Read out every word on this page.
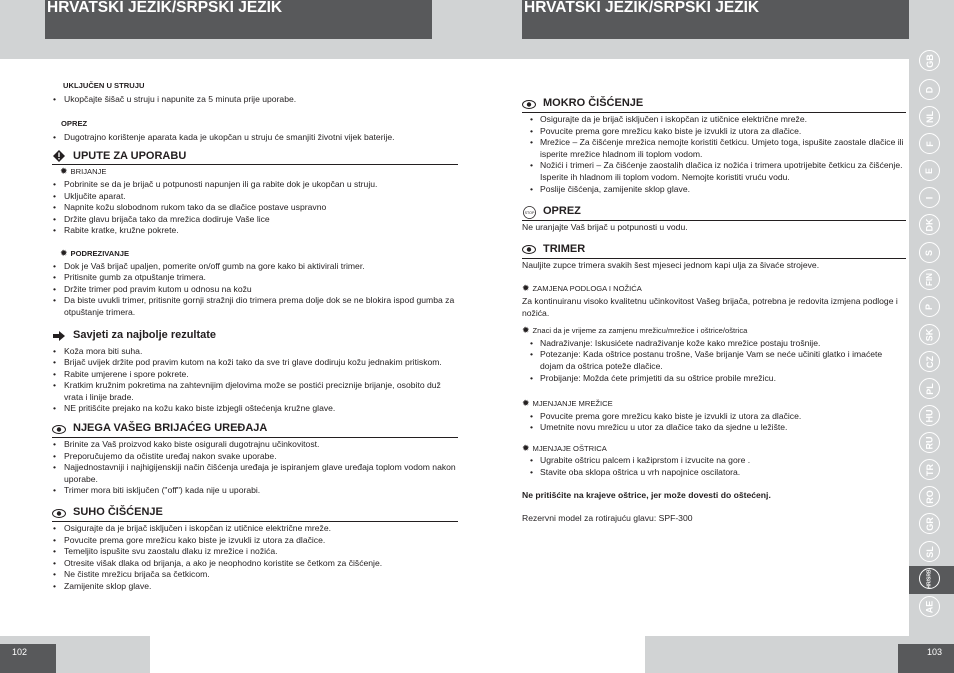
HRVATSKI JEZIK/SRPSKI JEZIK	HRVATSKI JEZIK/SRPSKI JEZIK
102	103
GB
D
NL
F
E
I
DK
S
FIN
P
SK
CZ
PL
HU
RU
TR
RO
GR
SL
HR/SRB
AE
UKLJUČEN U STRUJU
• Ukopčajte šišač u struju i napunite za 5 minuta prije uporabe.
OPREZ
• Dugotrajno korištenje aparata kada je ukopčan u struju će smanjiti životni vijek baterije.
UPUTE ZA UPORABU
✹ BRIJANJE
• Pobrinite se da je brijač u potpunosti napunjen ili ga rabite dok je ukopčan u struju.
• Uključite aparat.
• Napnite kožu slobodnom rukom tako da se dlačice postave uspravno
• Držite glavu brijača tako da mrežica dodiruje Vaše lice
• Rabite kratke, kružne pokrete.
✹ PODREZIVANJE
• Dok je Vaš brijač upaljen, pomerite on/off gumb na gore kako bi aktivirali trimer.
• Pritisnite gumb za otpuštanje trimera.
• Držite trimer pod pravim kutom u odnosu na kožu
• Da biste uvukli trimer, pritisnite gornji stražnji dio trimera prema dolje dok se ne blokira ispod gumba za otpuštanje trimera.
Savjeti za najbolje rezultate
• Koža mora biti suha.
• Brijač uvijek držite pod pravim kutom na koži tako da sve tri glave dodiruju kožu jednakim pritiskom.
• Rabite umjerene i spore pokrete.
• Kratkim kružnim pokretima na zahtevnijim djelovima može se postići preciznije brijanje, osobito duž vrata i linije brade.
• NE pritišćite prejako na kožu kako biste izbjegli oštećenja kružne glave.
NJEGA VAŠEG BRIJAĆEG UREĐAJA
• Brinite za Vaš proizvod kako biste osigurali dugotrajnu učinkovitost.
• Preporučujemo da očistite uređaj nakon svake uporabe.
• Najjednostavniji i najhigijenskiji način čišćenja uređaja je ispiranjem glave uređaja toplom vodom nakon uporabe.
• Trimer mora biti isključen ("off") kada nije u uporabi.
SUHO ČIŠĆENJE
• Osigurajte da je brijač isključen i iskopčan iz utičnice električne mreže.
• Povucite prema gore mrežicu kako biste je izvukli iz utora za dlačice.
• Temeljito ispušite svu zaostalu dlaku iz mrežice i nožića.
• Otresite višak dlaka od brijanja, a ako je neophodno koristite se četkom za čišćenje.
• Ne čistite mrežicu brijača sa četkicom.
• Zamijenite sklop glave.
MOKRO ČIŠĆENJE
• Osigurajte da je brijač isključen i iskopčan iz utičnice električne mreže.
• Povucite prema gore mrežicu kako biste je izvukli iz utora za dlačice.
• Mrežice – Za čišćenje mrežica nemojte koristiti četkicu. Umjeto toga, ispušite zaostale dlačice ili isperite mrežice hladnom ili toplom vodom.
• Nožići i trimeri – Za čišćenje zaostalih dlačica iz nožića i trimera upotrijebite četkicu za čišćenje. Isperite ih hladnom ili toplom vodom. Nemojte koristiti vruću vodu.
• Poslije čišćenja, zamijenite sklop glave.
STOP OPREZ
Ne uranjajte Vaš brijač u potpunosti u vodu.
TRIMER
Nauljite zupce trimera svakih šest mjeseci jednom kapi ulja za šivaće strojeve.
✹ ZAMJENA PODLOGA I NOŽIĆA
Za kontinuiranu visoko kvalitetnu učinkovitost Vašeg brijača, potrebna je redovita izmjena podloge i nožića.
✹ Znaci da je vrijeme za zamjenu mrežicu/mrežice i oštrice/oštrica
• Nadraživanje: Iskusićete nadraživanje kože kako mrežice postaju trošnije.
• Potezanje: Kada oštrice postanu trošne, Vaše brijanje Vam se neće učiniti glatko i imaćete dojam da oštrica poteže dlačice.
• Probijanje: Možda ćete primjetiti da su oštrice probile mrežicu.
✹ MJENJANJE MREŽICE
• Povucite prema gore mrežicu kako biste je izvukli iz utora za dlačice.
• Umetnite novu mrežicu u utor za dlačice tako da sjedne u ležište.
✹ MJENJAJE OŠTRICA
• Ugrabite oštricu palcem i kažiprstom i izvucite na gore .
• Stavite oba sklopa oštrica u vrh napojnice oscilatora.
Ne pritišćite na krajeve oštrice, jer može dovesti do oštećenj.
Rezervni model za rotirajuću glavu: SPF-300
